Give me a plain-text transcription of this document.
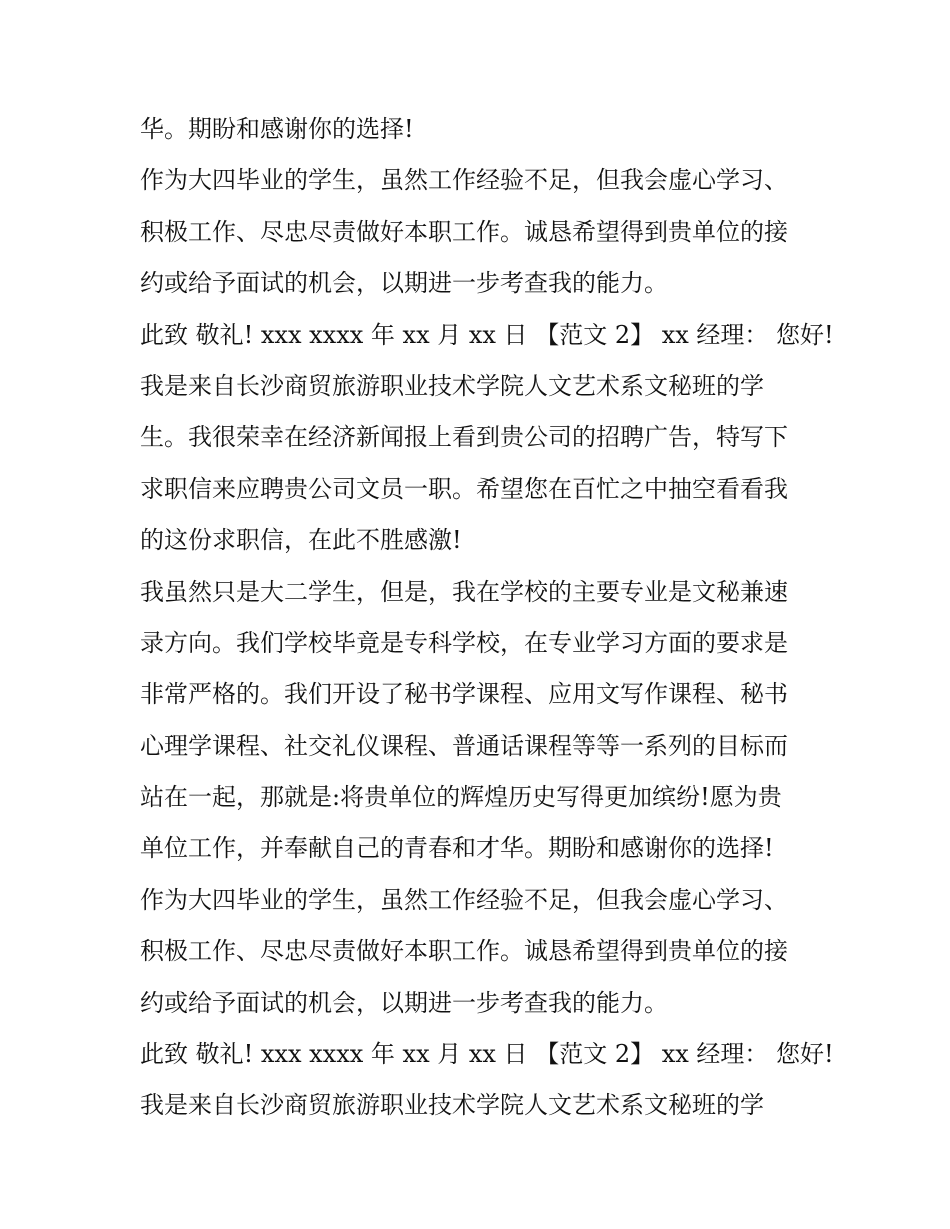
华。期盼和感谢你的选择!
作为大四毕业的学生，虽然工作经验不足，但我会虚心学习、
积极工作、尽忠尽责做好本职工作。诚恳希望得到贵单位的接
约或给予面试的机会，以期进一步考查我的能力。
此致 敬礼! xxx xxxx 年 xx 月 xx 日 【范文 2】 xx 经理： 您好!
我是来自长沙商贸旅游职业技术学院人文艺术系文秘班的学
生。我很荣幸在经济新闻报上看到贵公司的招聘广告，特写下
求职信来应聘贵公司文员一职。希望您在百忙之中抽空看看我
的这份求职信，在此不胜感激!
我虽然只是大二学生，但是，我在学校的主要专业是文秘兼速
录方向。我们学校毕竟是专科学校，在专业学习方面的要求是
非常严格的。我们开设了秘书学课程、应用文写作课程、秘书
心理学课程、社交礼仪课程、普通话课程等等一系列的目标而
站在一起，那就是:将贵单位的辉煌历史写得更加缤纷!愿为贵
单位工作，并奉献自己的青春和才华。期盼和感谢你的选择!
作为大四毕业的学生，虽然工作经验不足，但我会虚心学习、
积极工作、尽忠尽责做好本职工作。诚恳希望得到贵单位的接
约或给予面试的机会，以期进一步考查我的能力。
此致 敬礼! xxx xxxx 年 xx 月 xx 日 【范文 2】 xx 经理： 您好!
我是来自长沙商贸旅游职业技术学院人文艺术系文秘班的学
